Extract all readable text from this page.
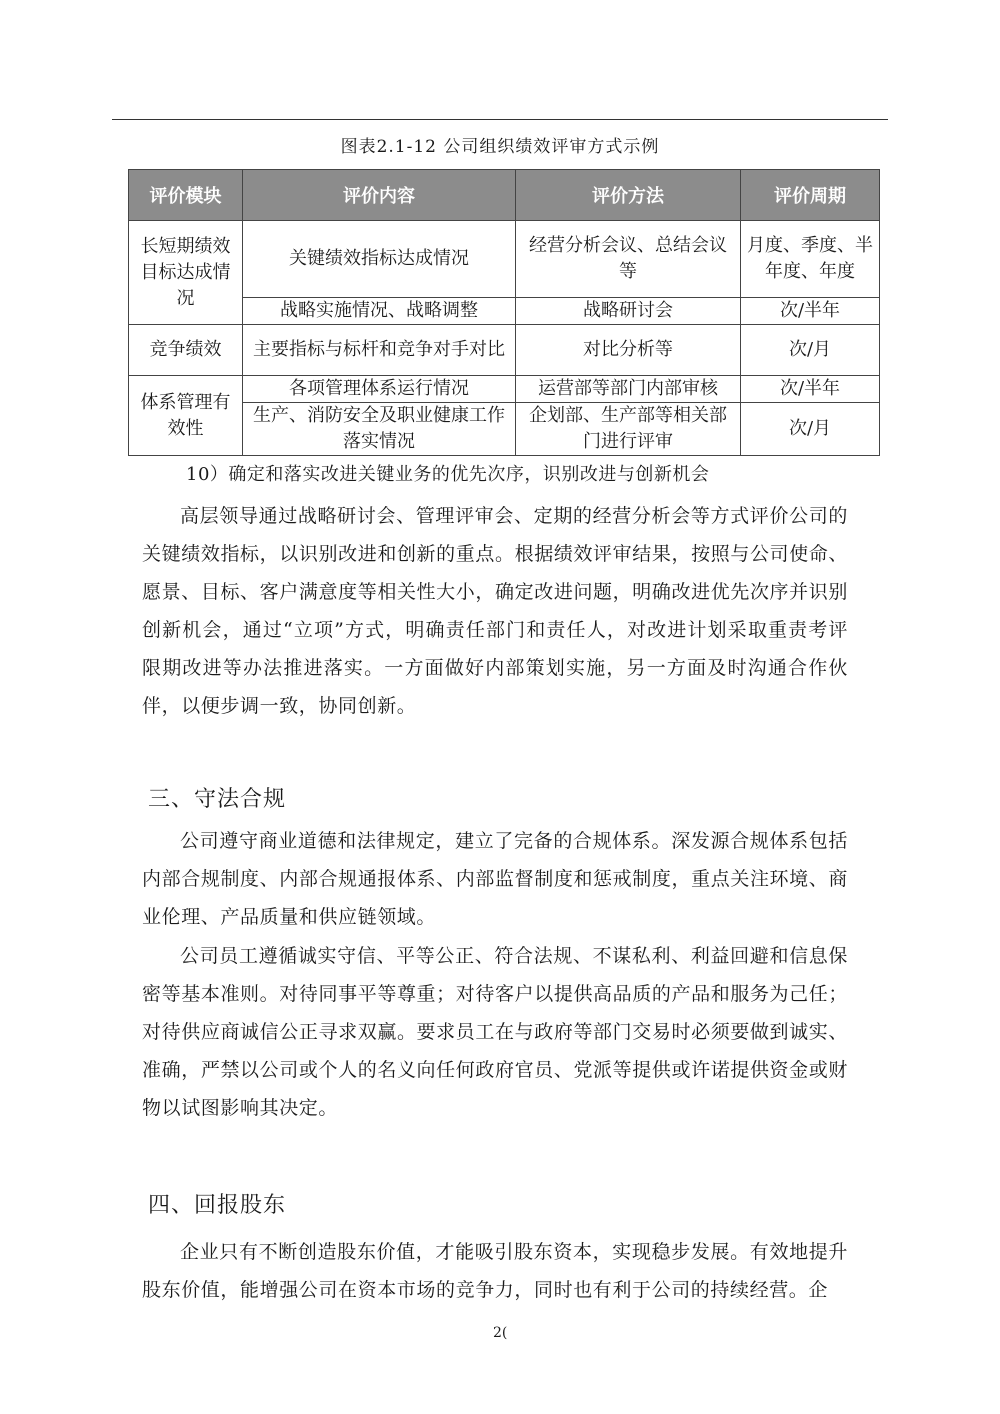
图表2.1-12 公司组织绩效评审方式示例
评价模块	评价内容	评价方法	评价周期
长短期绩效目标达成情况	关键绩效指标达成情况	经营分析会议、总结会议等	月度、季度、半年度、年度
	战略实施情况、战略调整	战略研讨会	次/半年
竞争绩效	主要指标与标杆和竞争对手对比	对比分析等	次/月
体系管理有效性	各项管理体系运行情况	运营部等部门内部审核	次/半年
	生产、消防安全及职业健康工作落实情况	企划部、生产部等相关部门进行评审	次/月
10）确定和落实改进关键业务的优先次序，识别改进与创新机会

高层领导通过战略研讨会、管理评审会、定期的经营分析会等方式评价公司的关键绩效指标，以识别改进和创新的重点。根据绩效评审结果，按照与公司使命、愿景、目标、客户满意度等相关性大小，确定改进问题，明确改进优先次序并识别创新机会，通过“立项”方式，明确责任部门和责任人，对改进计划采取重责考评限期改进等办法推进落实。一方面做好内部策划实施，另一方面及时沟通合作伙伴，以便步调一致，协同创新。

三、守法合规

公司遵守商业道德和法律规定，建立了完备的合规体系。深发源合规体系包括内部合规制度、内部合规通报体系、内部监督制度和惩戒制度，重点关注环境、商业伦理、产品质量和供应链领域。

公司员工遵循诚实守信、平等公正、符合法规、不谋私利、利益回避和信息保密等基本准则。对待同事平等尊重；对待客户以提供高品质的产品和服务为己任；对待供应商诚信公正寻求双赢。要求员工在与政府等部门交易时必须要做到诚实、准确，严禁以公司或个人的名义向任何政府官员、党派等提供或许诺提供资金或财物以试图影响其决定。

四、回报股东

企业只有不断创造股东价值，才能吸引股东资本，实现稳步发展。有效地提升股东价值，能增强公司在资本市场的竞争力，同时也有利于公司的持续经营。企

2(
